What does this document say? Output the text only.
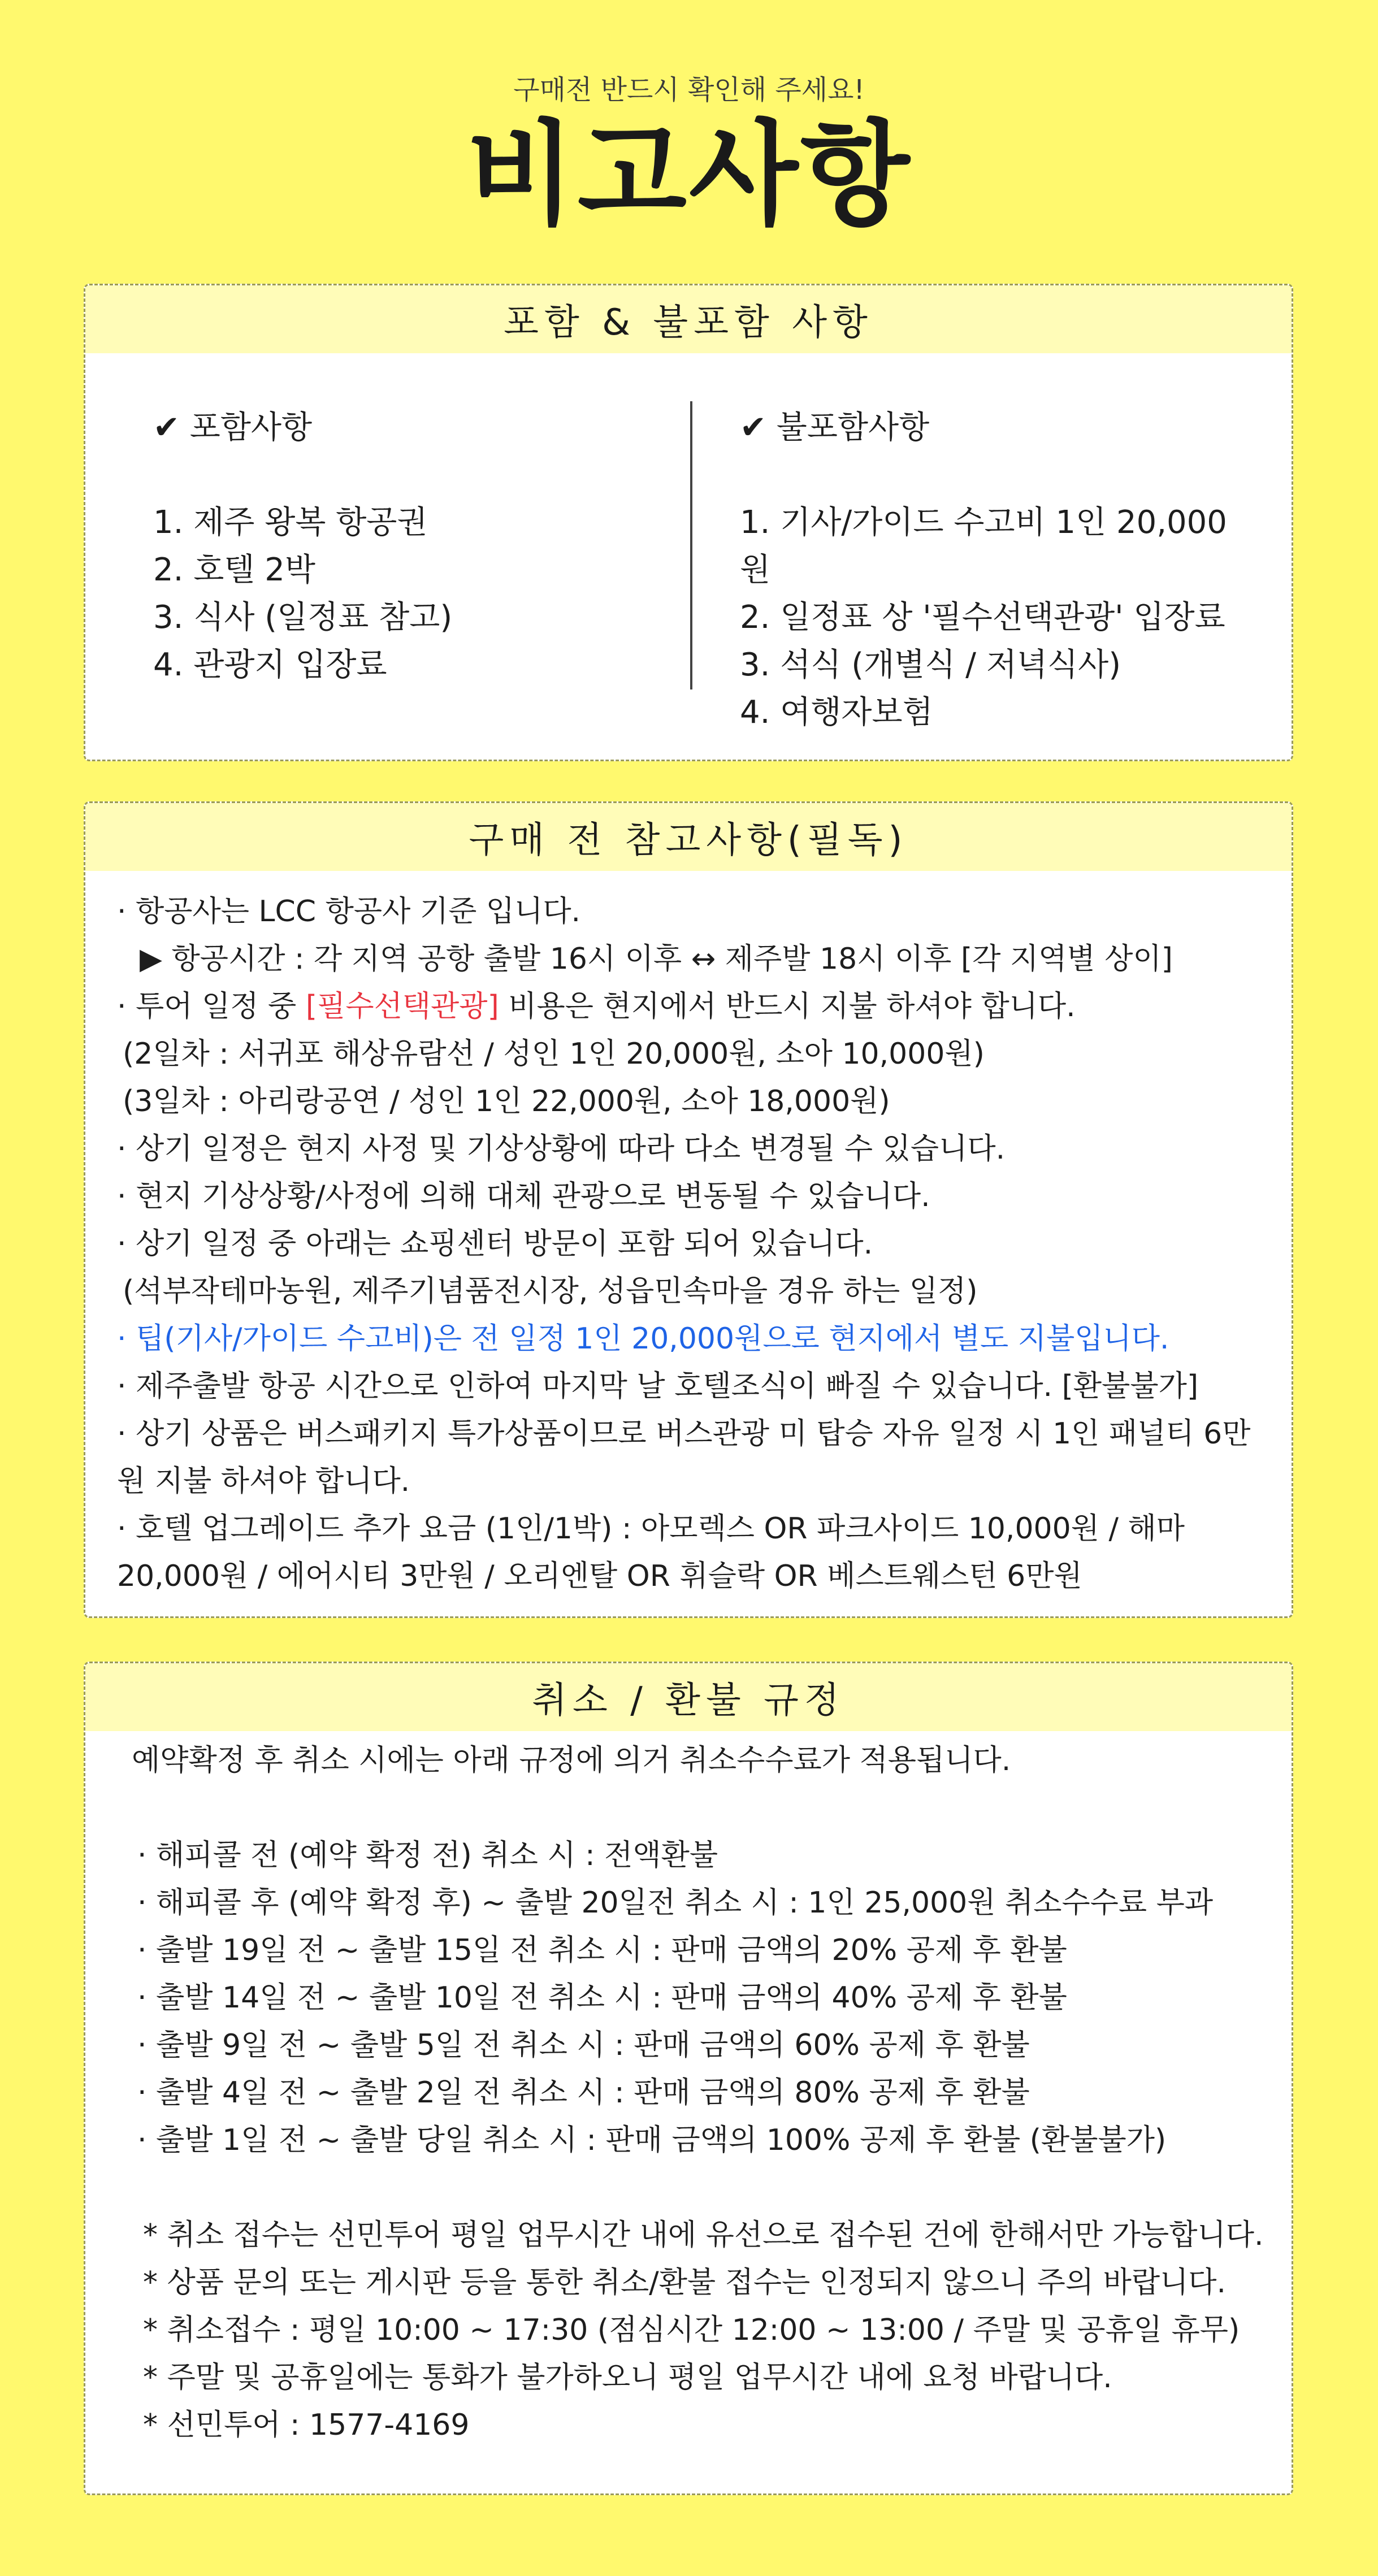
구매전 반드시 확인해 주세요!
비고사항
포함 & 불포함 사항
✔ 포함사항
1. 제주 왕복 항공권
2. 호텔 2박
3. 식사 (일정표 참고)
4. 관광지 입장료
✔ 불포함사항
1. 기사/가이드 수고비 1인 20,000원
2. 일정표 상 '필수선택관광' 입장료
3. 석식 (개별식 / 저녁식사)
4. 여행자보험
구매 전 참고사항(필독)

· 항공사는 LCC 항공사 기준 입니다.

▶ 항공시간 : 각 지역 공항 출발 16시 이후 ↔ 제주발 18시 이후 [각 지역별 상이]

· 투어 일정 중 [필수선택관광] 비용은 현지에서 반드시 지불 하셔야 합니다.

(2일차 : 서귀포 해상유람선 / 성인 1인 20,000원, 소아 10,000원)

(3일차 : 아리랑공연 / 성인 1인 22,000원, 소아 18,000원)

· 상기 일정은 현지 사정 및 기상상황에 따라 다소 변경될 수 있습니다.

· 현지 기상상황/사정에 의해 대체 관광으로 변동될 수 있습니다.

· 상기 일정 중 아래는 쇼핑센터 방문이 포함 되어 있습니다.

(석부작테마농원, 제주기념품전시장, 성읍민속마을 경유 하는 일정)

· 팁(기사/가이드 수고비)은 전 일정 1인 20,000원으로 현지에서 별도 지불입니다.

· 제주출발 항공 시간으로 인하여 마지막 날 호텔조식이 빠질 수 있습니다. [환불불가]

· 상기 상품은 버스패키지 특가상품이므로 버스관광 미 탑승 자유 일정 시 1인 패널티 6만원 지불 하셔야 합니다.

· 호텔 업그레이드 추가 요금 (1인/1박) : 아모렉스 OR 파크사이드 10,000원 / 해마 20,000원 / 에어시티 3만원 / 오리엔탈 OR 휘슬락 OR 베스트웨스턴 6만원

취소 / 환불 규정

예약확정 후 취소 시에는 아래 규정에 의거 취소수수료가 적용됩니다.

· 해피콜 전 (예약 확정 전) 취소 시 : 전액환불

· 해피콜 후 (예약 확정 후) ~ 출발 20일전 취소 시 : 1인 25,000원 취소수수료 부과

· 출발 19일 전 ~ 출발 15일 전 취소 시 : 판매 금액의 20% 공제 후 환불

· 출발 14일 전 ~ 출발 10일 전 취소 시 : 판매 금액의 40% 공제 후 환불

· 출발 9일 전 ~ 출발 5일 전 취소 시 : 판매 금액의 60% 공제 후 환불

· 출발 4일 전 ~ 출발 2일 전 취소 시 : 판매 금액의 80% 공제 후 환불

· 출발 1일 전 ~ 출발 당일 취소 시 : 판매 금액의 100% 공제 후 환불 (환불불가)

* 취소 접수는 선민투어 평일 업무시간 내에 유선으로 접수된 건에 한해서만 가능합니다.

* 상품 문의 또는 게시판 등을 통한 취소/환불 접수는 인정되지 않으니 주의 바랍니다.

* 취소접수 : 평일 10:00 ~ 17:30 (점심시간 12:00 ~ 13:00 / 주말 및 공휴일 휴무)

* 주말 및 공휴일에는 통화가 불가하오니 평일 업무시간 내에 요청 바랍니다.

* 선민투어 : 1577-4169
